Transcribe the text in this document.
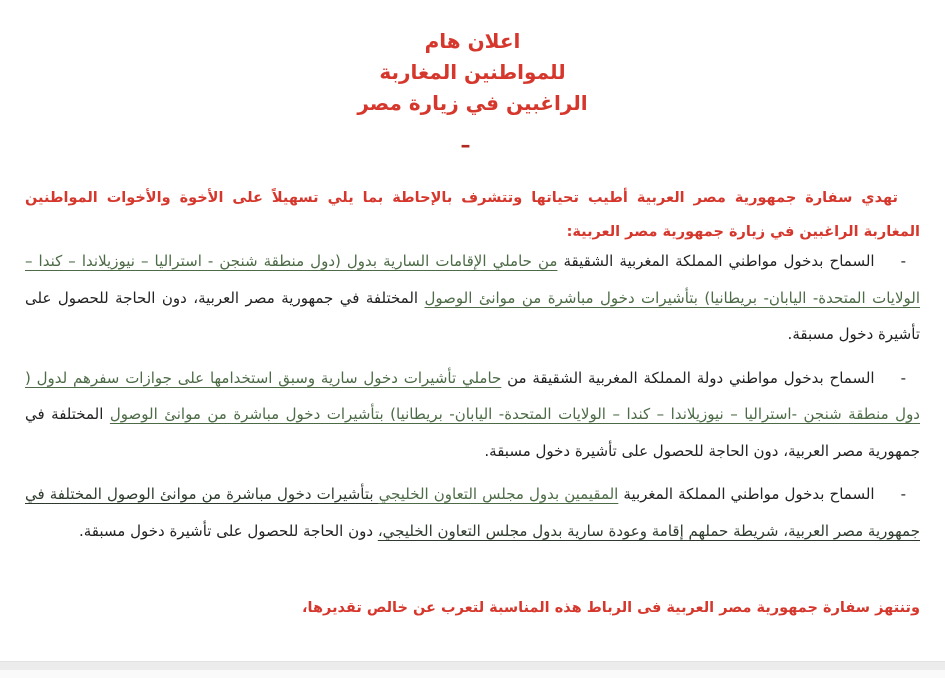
اعلان هام
للمواطنين المغاربة
الراغبين في زيارة مصر
–
تهدي سفارة جمهورية مصر العربية أطيب تحياتها وتتشرف بالإحاطة بما يلي تسهيلاً على الأخوة والأخوات المواطنين المغاربة الراغبين في زيارة جمهورية مصر العربية:

-السماح بدخول مواطني المملكة المغربية الشقيقة من حاملي الإقامات السارية بدول (دول منطقة شنجن - استراليا – نيوزيلاندا – كندا – الولايات المتحدة- اليابان- بريطانيا) بتأشيرات دخول مباشرة من موانئ الوصول المختلفة في جمهورية مصر العربية، دون الحاجة للحصول على تأشيرة دخول مسبقة.

-السماح بدخول مواطني دولة المملكة المغربية الشقيقة من حاملي تأشيرات دخول سارية وسبق استخدامها على جوازات سفرهم لدول ( دول منطقة شنجن -استراليا – نيوزيلاندا – كندا – الولايات المتحدة- اليابان- بريطانيا) بتأشيرات دخول مباشرة من موانئ الوصول المختلفة في جمهورية مصر العربية، دون الحاجة للحصول على تأشيرة دخول مسبقة.

-السماح بدخول مواطني المملكة المغربية المقيمين بدول مجلس التعاون الخليجي بتأشيرات دخول مباشرة من موانئ الوصول المختلفة في جمهورية مصر العربية، شريطة حملهم إقامة وعودة سارية بدول مجلس التعاون الخليجي، دون الحاجة للحصول على تأشيرة دخول مسبقة.

وتنتهز سفارة جمهورية مصر العربية فى الرباط هذه المناسبة لتعرب عن خالص تقديرها،
